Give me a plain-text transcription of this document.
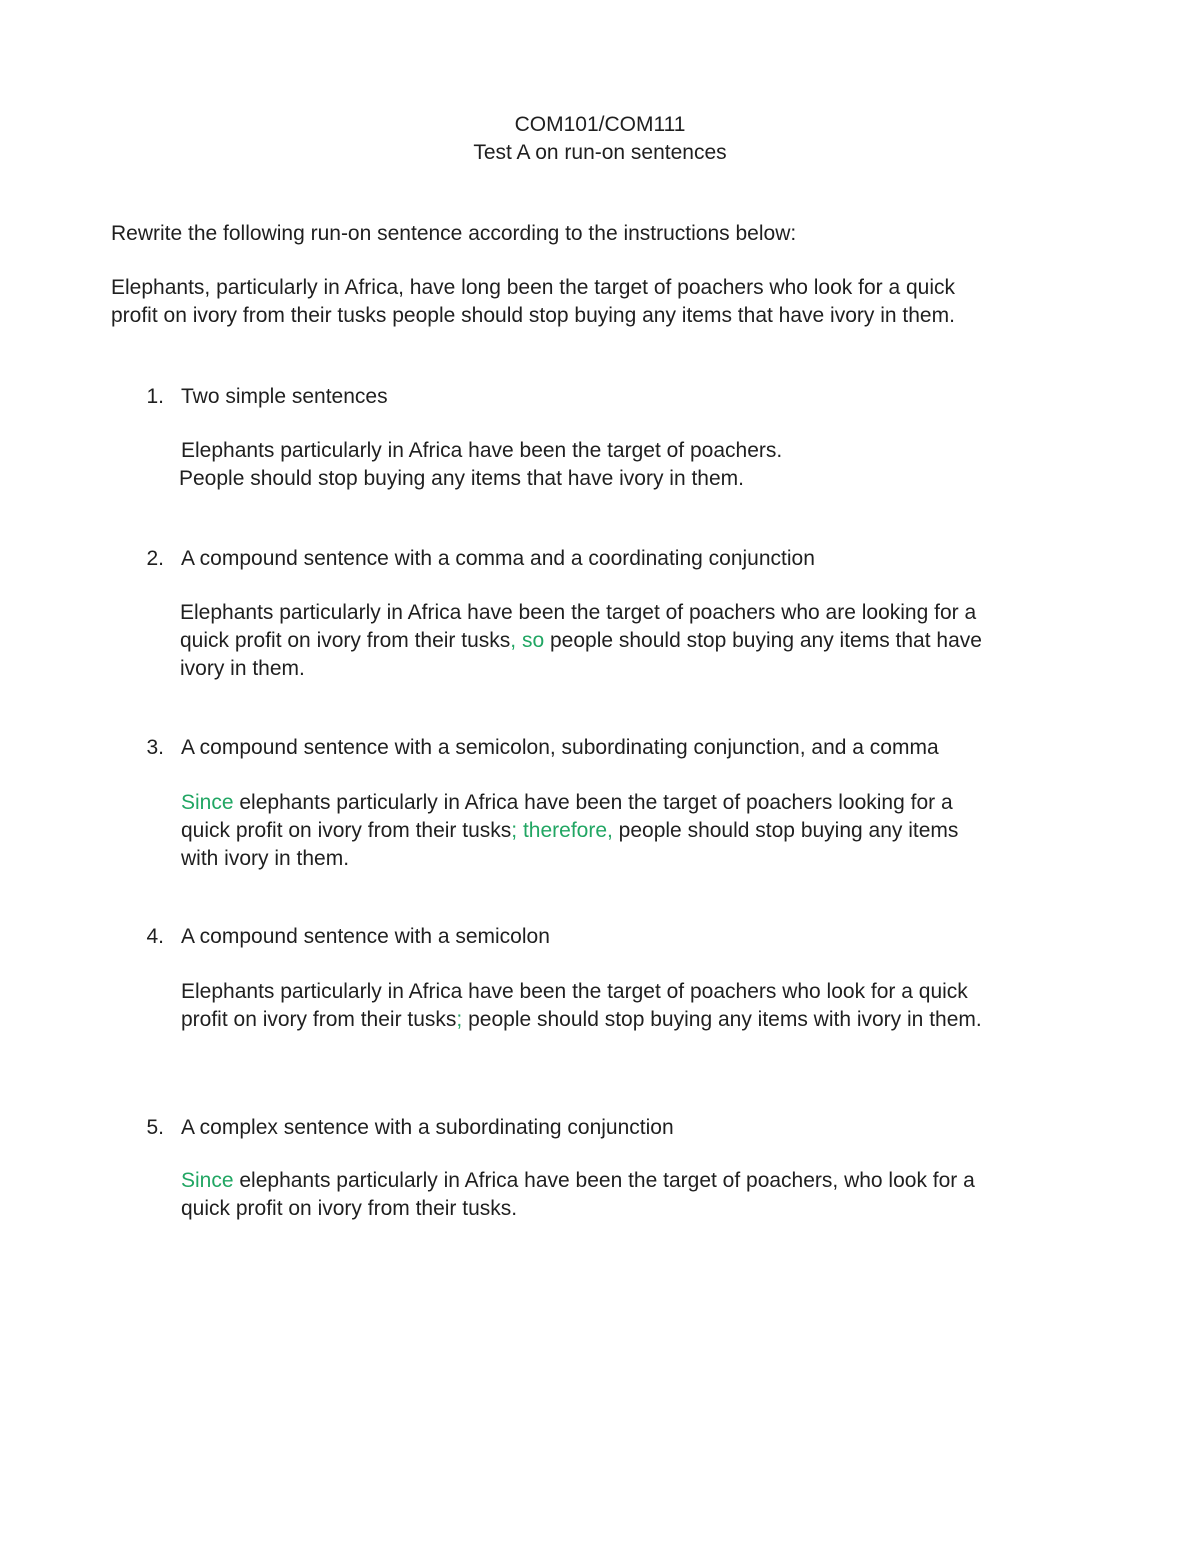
COM101/COM111
Test A on run-on sentences
Rewrite the following run-on sentence according to the instructions below:
Elephants, particularly in Africa, have long been the target of poachers who look for a quick
profit on ivory from their tusks people should stop buying any items that have ivory in them.
1. Two simple sentences
Elephants particularly in Africa have been the target of poachers.
People should stop buying any items that have ivory in them.
2. A compound sentence with a comma and a coordinating conjunction
Elephants particularly in Africa have been the target of poachers who are looking for a
quick profit on ivory from their tusks, so people should stop buying any items that have
ivory in them.
3. A compound sentence with a semicolon, subordinating conjunction, and a comma
Since elephants particularly in Africa have been the target of poachers looking for a
quick profit on ivory from their tusks; therefore, people should stop buying any items
with ivory in them.
4. A compound sentence with a semicolon
Elephants particularly in Africa have been the target of poachers who look for a quick
profit on ivory from their tusks; people should stop buying any items with ivory in them.
5. A complex sentence with a subordinating conjunction
Since elephants particularly in Africa have been the target of poachers, who look for a
quick profit on ivory from their tusks.
